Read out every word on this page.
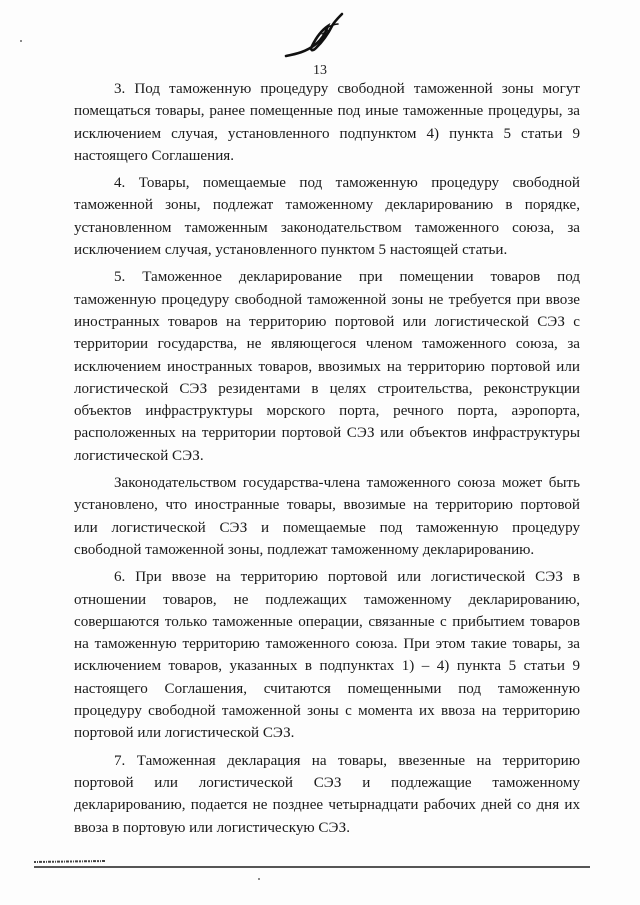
13

3. Под таможенную процедуру свободной таможенной зоны могут помещаться товары, ранее помещенные под иные таможенные процедуры, за исключением случая, установленного подпунктом 4) пункта 5 статьи 9 настоящего Соглашения.

4. Товары, помещаемые под таможенную процедуру свободной таможенной зоны, подлежат таможенному декларированию в порядке, установленном таможенным законодательством таможенного союза, за исключением случая, установленного пунктом 5 настоящей статьи.

5. Таможенное декларирование при помещении товаров под таможенную процедуру свободной таможенной зоны не требуется при ввозе иностранных товаров на территорию портовой или логистической СЭЗ с территории государства, не являющегося членом таможенного союза, за исключением иностранных товаров, ввозимых на территорию портовой или логистической СЭЗ резидентами в целях строительства, реконструкции объектов инфраструктуры морского порта, речного порта, аэропорта, расположенных на территории портовой СЭЗ или объектов инфраструктуры логистической СЭЗ.

Законодательством государства-члена таможенного союза может быть установлено, что иностранные товары, ввозимые на территорию портовой или логистической СЭЗ и помещаемые под таможенную процедуру свободной таможенной зоны, подлежат таможенному декларированию.

6. При ввозе на территорию портовой или логистической СЭЗ в отношении товаров, не подлежащих таможенному декларированию, совершаются только таможенные операции, связанные с прибытием товаров на таможенную территорию таможенного союза. При этом такие товары, за исключением товаров, указанных в подпунктах 1) – 4) пункта 5 статьи 9 настоящего Соглашения, считаются помещенными под таможенную процедуру свободной таможенной зоны с момента их ввоза на территорию портовой или логистической СЭЗ.

7. Таможенная декларация на товары, ввезенные на территорию портовой или логистической СЭЗ и подлежащие таможенному декларированию, подается не позднее четырнадцати рабочих дней со дня их ввоза в портовую или логистическую СЭЗ.
